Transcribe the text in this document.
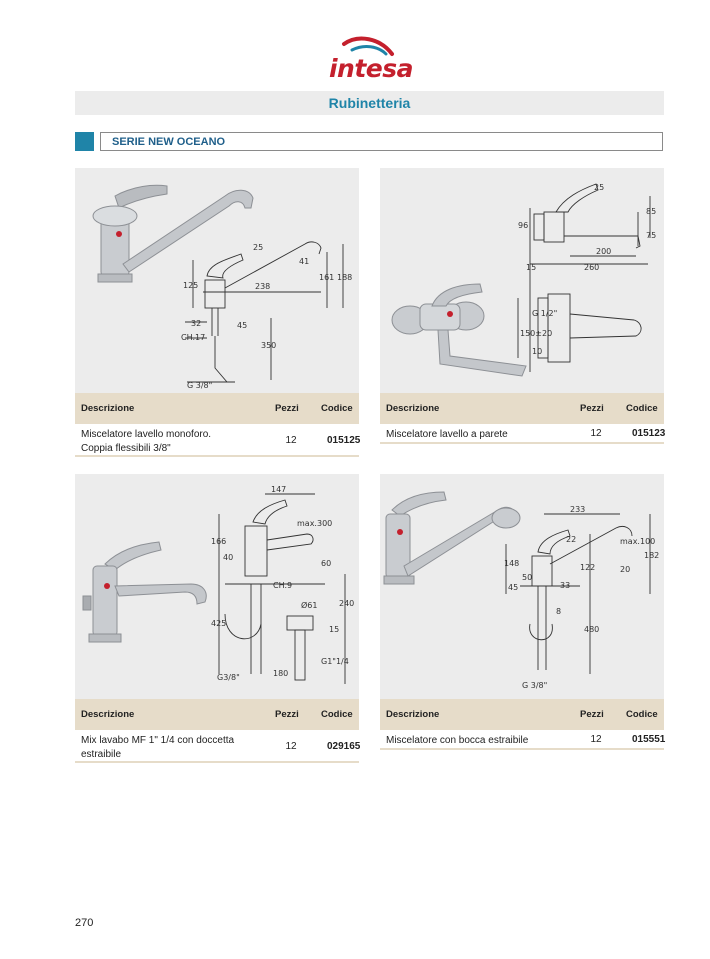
intesa
Rubinetteria
SERIE NEW OCEANO
25
238
125
161 188
41
32
CH.17
45
350
G 3/8"
Descrizione	Pezzi Codice
Miscelatore lavello monoforo.
Coppia flessibili 3/8"
12	015125
25
85
75
96
200
260
15
G 1/2"
150±20
10
Descrizione	Pezzi Codice
Miscelatore lavello a parete	12	015123
147
max.300
166
60
CH.9
40
15
240
425
180
G3/8"
G1"1/4
Ø61
Descrizione	Pezzi Codice
Mix lavabo MF 1" 1/4 con doccetta
estraibile
12	029165
233
22	max.100
148	122
182
20
50
45	33
8
480
G 3/8"
Descrizione	Pezzi Codice
Miscelatore con bocca estraibile	12	015551
270
